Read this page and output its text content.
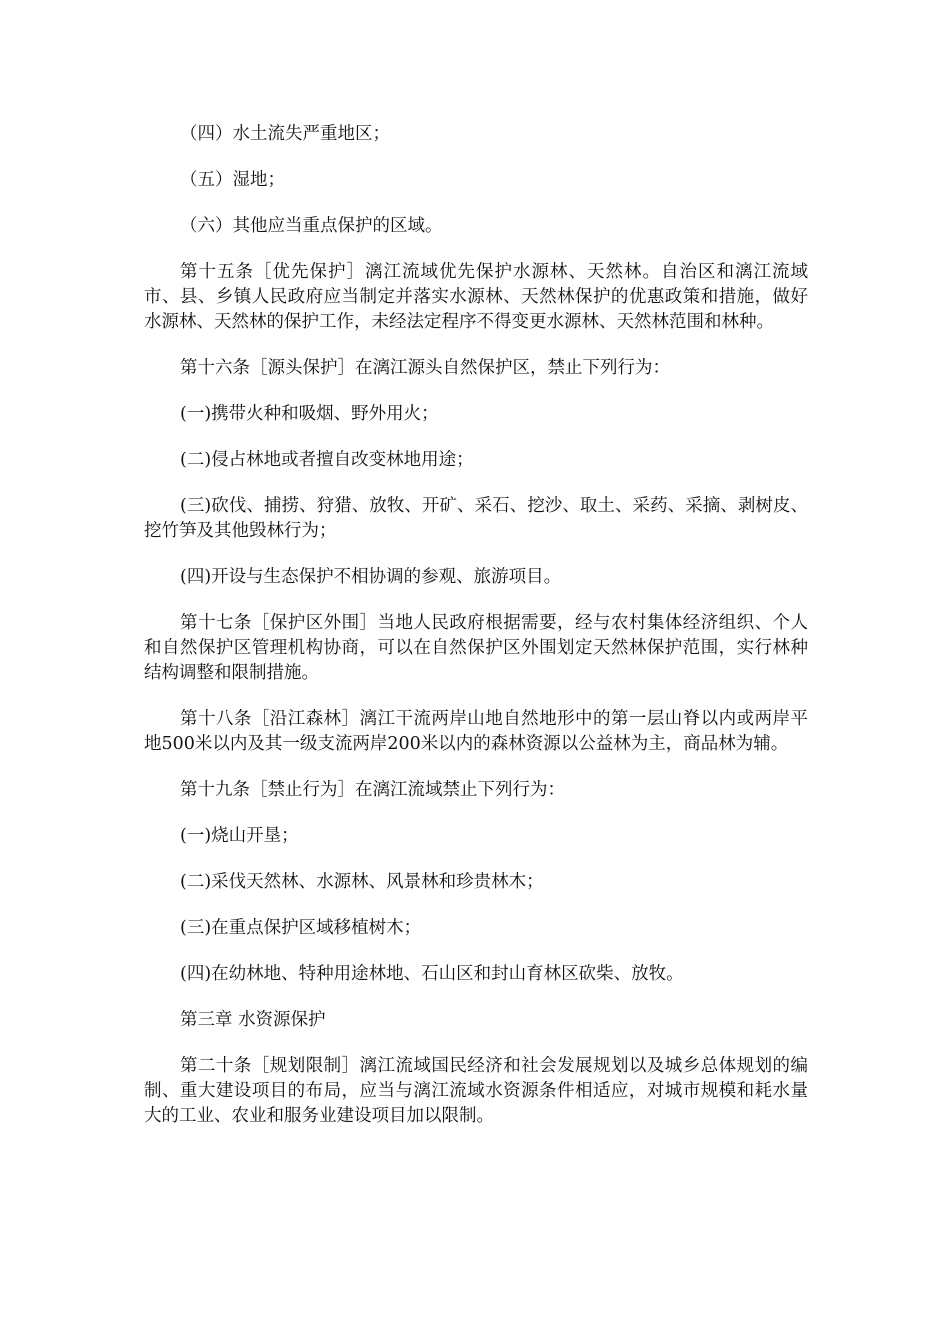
（四）水土流失严重地区；

（五）湿地；

（六）其他应当重点保护的区域。

第十五条［优先保护］漓江流域优先保护水源林、天然林。自治区和漓江流域市、县、乡镇人民政府应当制定并落实水源林、天然林保护的优惠政策和措施，做好水源林、天然林的保护工作，未经法定程序不得变更水源林、天然林范围和林种。

第十六条［源头保护］在漓江源头自然保护区，禁止下列行为：

(一)携带火种和吸烟、野外用火；

(二)侵占林地或者擅自改变林地用途；

(三)砍伐、捕捞、狩猎、放牧、开矿、采石、挖沙、取土、采药、采摘、剥树皮、挖竹笋及其他毁林行为；

(四)开设与生态保护不相协调的参观、旅游项目。

第十七条［保护区外围］当地人民政府根据需要，经与农村集体经济组织、个人和自然保护区管理机构协商，可以在自然保护区外围划定天然林保护范围，实行林种结构调整和限制措施。

第十八条［沿江森林］漓江干流两岸山地自然地形中的第一层山脊以内或两岸平地500米以内及其一级支流两岸200米以内的森林资源以公益林为主，商品林为辅。

第十九条［禁止行为］在漓江流域禁止下列行为：

(一)烧山开垦；

(二)采伐天然林、水源林、风景林和珍贵林木；

(三)在重点保护区域移植树木；

(四)在幼林地、特种用途林地、石山区和封山育林区砍柴、放牧。

第三章 水资源保护

第二十条［规划限制］漓江流域国民经济和社会发展规划以及城乡总体规划的编制、重大建设项目的布局，应当与漓江流域水资源条件相适应，对城市规模和耗水量大的工业、农业和服务业建设项目加以限制。
